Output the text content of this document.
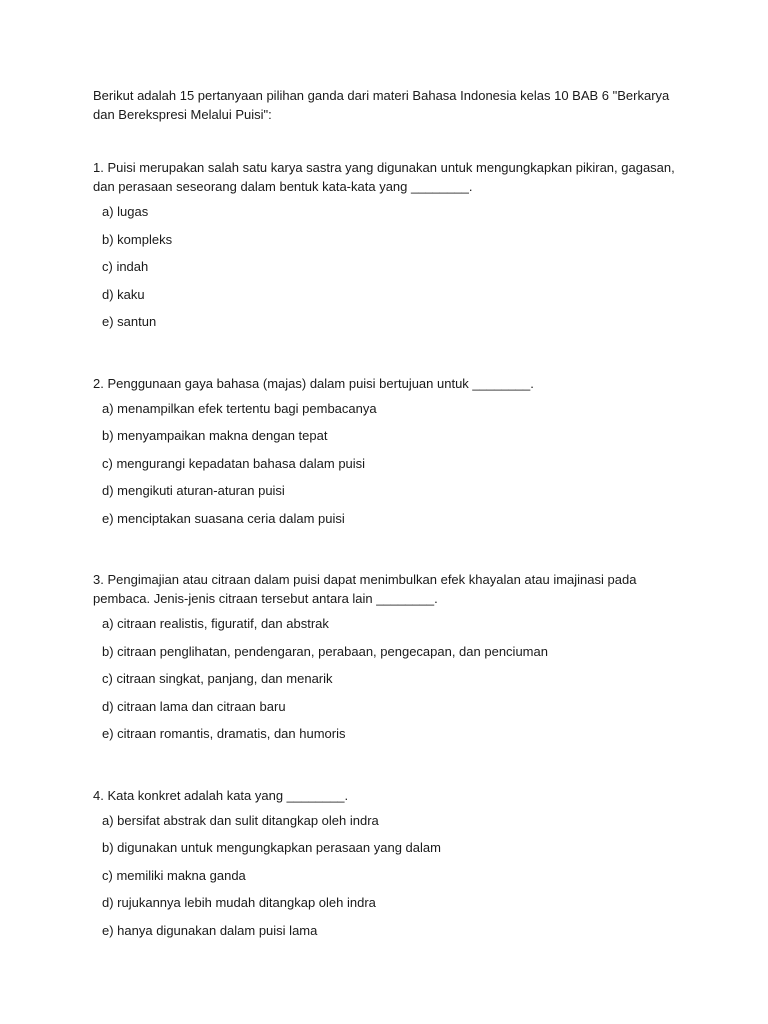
Berikut adalah 15 pertanyaan pilihan ganda dari materi Bahasa Indonesia kelas 10 BAB 6 "Berkarya dan Berekspresi Melalui Puisi":

1. Puisi merupakan salah satu karya sastra yang digunakan untuk mengungkapkan pikiran, gagasan, dan perasaan seseorang dalam bentuk kata-kata yang ________.

a) lugas
b) kompleks
c) indah
d) kaku
e) santun

2. Penggunaan gaya bahasa (majas) dalam puisi bertujuan untuk ________.

a) menampilkan efek tertentu bagi pembacanya
b) menyampaikan makna dengan tepat
c) mengurangi kepadatan bahasa dalam puisi
d) mengikuti aturan-aturan puisi
e) menciptakan suasana ceria dalam puisi

3. Pengimajian atau citraan dalam puisi dapat menimbulkan efek khayalan atau imajinasi pada pembaca. Jenis-jenis citraan tersebut antara lain ________.

a) citraan realistis, figuratif, dan abstrak
b) citraan penglihatan, pendengaran, perabaan, pengecapan, dan penciuman
c) citraan singkat, panjang, dan menarik
d) citraan lama dan citraan baru
e) citraan romantis, dramatis, dan humoris

4. Kata konkret adalah kata yang ________.

a) bersifat abstrak dan sulit ditangkap oleh indra
b) digunakan untuk mengungkapkan perasaan yang dalam
c) memiliki makna ganda
d) rujukannya lebih mudah ditangkap oleh indra
e) hanya digunakan dalam puisi lama
